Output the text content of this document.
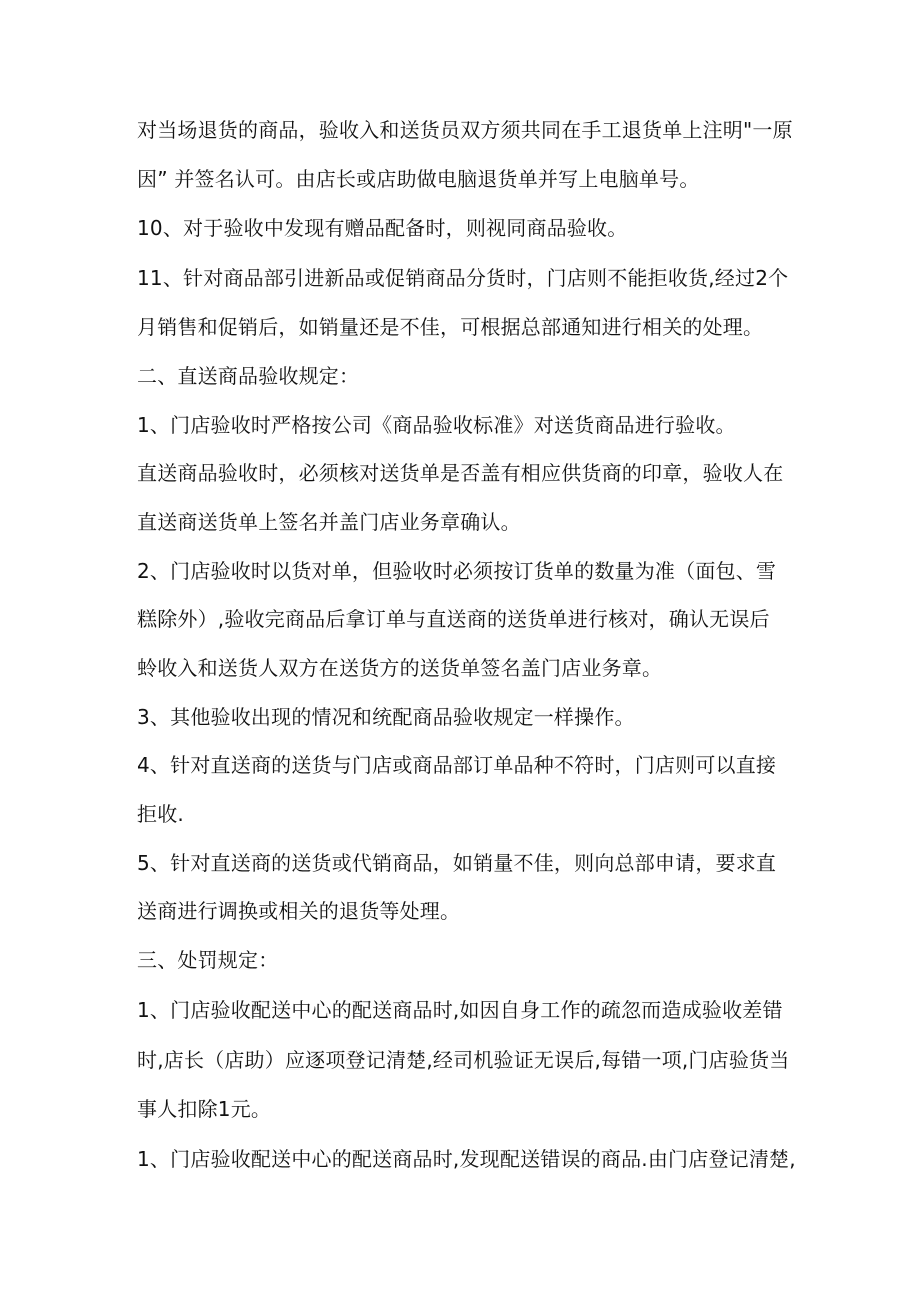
对当场退货的商品，验收入和送货员双方须共同在手工退货单上注明"一原
因” 并签名认可。由店长或店助做电脑退货单并写上电脑单号。
10、对于验收中发现有赠品配备时，则视同商品验收。
11、针对商品部引进新品或促销商品分货时，门店则不能拒收货,经过2个
月销售和促销后，如销量还是不佳，可根据总部通知进行相关的处理。
二、直送商品验收规定：
1、门店验收时严格按公司《商品验收标准》对送货商品进行验收。
直送商品验收时，必须核对送货单是否盖有相应供货商的印章，验收人在
直送商送货单上签名并盖门店业务章确认。
2、门店验收时以货对单，但验收时必须按订货单的数量为准（面包、雪
糕除外）,验收完商品后拿订单与直送商的送货单进行核对，确认无误后
蛉收入和送货人双方在送货方的送货单签名盖门店业务章。
3、其他验收出现的情况和统配商品验收规定一样操作。
4、针对直送商的送货与门店或商品部订单品种不符时，门店则可以直接
拒收.
5、针对直送商的送货或代销商品，如销量不佳，则向总部申请，要求直
送商进行调换或相关的退货等处理。
三、处罚规定：
1、门店验收配送中心的配送商品时,如因自身工作的疏忽而造成验收差错
时,店长（店助）应逐项登记清楚,经司机验证无误后,每错一项,门店验货当
事人扣除1元。
1、门店验收配送中心的配送商品时,发现配送错误的商品.由门店登记清楚,
